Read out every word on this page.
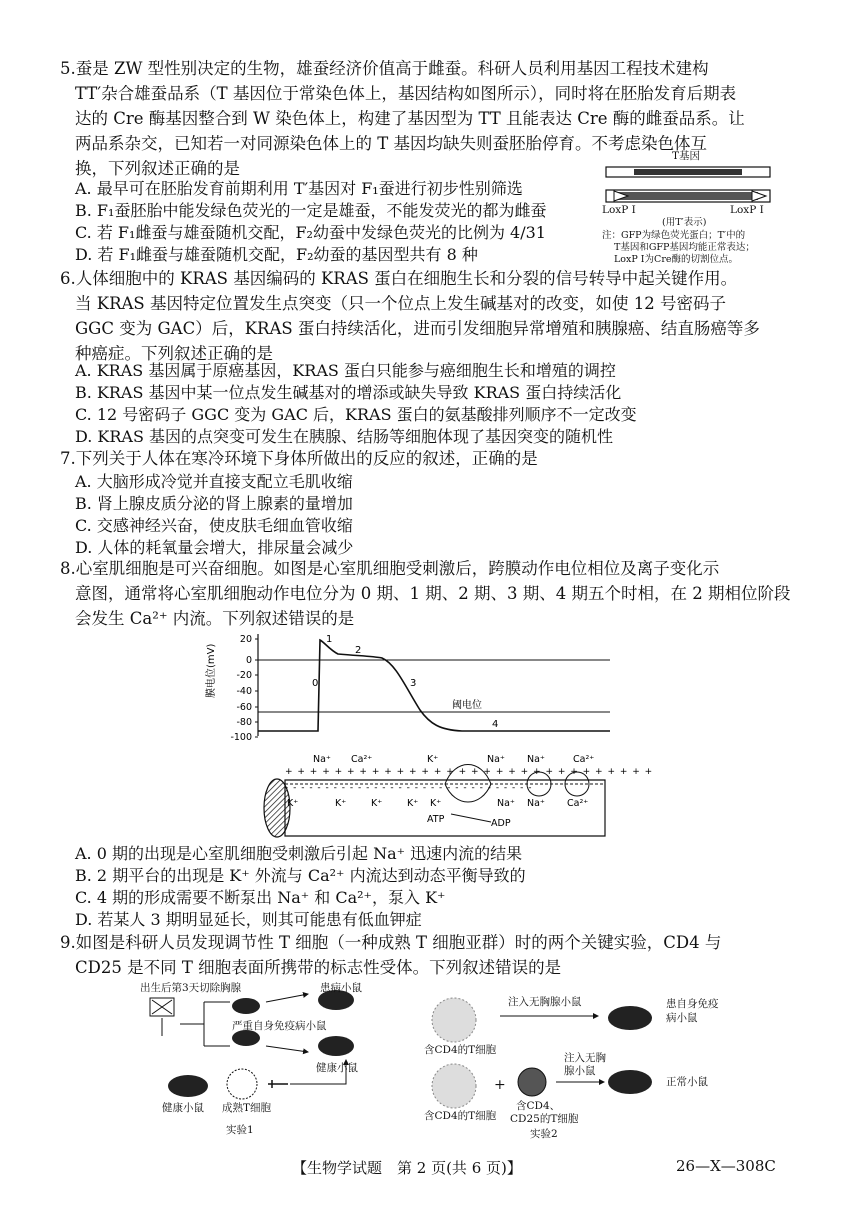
5.蚕是 ZW 型性别决定的生物，雄蚕经济价值高于雌蚕。科研人员利用基因工程技术建构
TT′杂合雄蚕品系（T 基因位于常染色体上，基因结构如图所示），同时将在胚胎发育后期表
达的 Cre 酶基因整合到 W 染色体上，构建了基因型为 TT 且能表达 Cre 酶的雌蚕品系。让
两品系杂交，已知若一对同源染色体上的 T 基因均缺失则蚕胚胎停育。不考虑染色体互
换，下列叙述正确的是
A. 最早可在胚胎发育前期利用 T′基因对 F₁蚕进行初步性别筛选
B. F₁蚕胚胎中能发绿色荧光的一定是雄蚕，不能发荧光的都为雌蚕
C. 若 F₁雌蚕与雄蚕随机交配，F₂幼蚕中发绿色荧光的比例为 4/31
D. 若 F₁雌蚕与雄蚕随机交配，F₂幼蚕的基因型共有 8 种
T基因
T-GFP融合基因
LoxP Ⅰ	LoxP Ⅰ
(用T′表示)
注：GFP为绿色荧光蛋白；T′中的
T基因和GFP基因均能正常表达；
LoxP Ⅰ为Cre酶的切割位点。
6.人体细胞中的 KRAS 基因编码的 KRAS 蛋白在细胞生长和分裂的信号转导中起关键作用。
当 KRAS 基因特定位置发生点突变（只一个位点上发生碱基对的改变，如使 12 号密码子
GGC 变为 GAC）后，KRAS 蛋白持续活化，进而引发细胞异常增殖和胰腺癌、结直肠癌等多
种癌症。下列叙述正确的是
A. KRAS 基因属于原癌基因，KRAS 蛋白只能参与癌细胞生长和增殖的调控
B. KRAS 基因中某一位点发生碱基对的增添或缺失导致 KRAS 蛋白持续活化
C. 12 号密码子 GGC 变为 GAC 后，KRAS 蛋白的氨基酸排列顺序不一定改变
D. KRAS 基因的点突变可发生在胰腺、结肠等细胞体现了基因突变的随机性
7.下列关于人体在寒冷环境下身体所做出的反应的叙述，正确的是
A. 大脑形成冷觉并直接支配立毛肌收缩
B. 肾上腺皮质分泌的肾上腺素的量增加
C. 交感神经兴奋，使皮肤毛细血管收缩
D. 人体的耗氧量会增大，排尿量会减少
8.心室肌细胞是可兴奋细胞。如图是心室肌细胞受刺激后，跨膜动作电位相位及离子变化示
意图，通常将心室肌细胞动作电位分为 0 期、1 期、2 期、3 期、4 期五个时相，在 2 期相位阶段
会发生 Ca²⁺ 内流。下列叙述错误的是
膜电位(mV)
20
0
-20
-40
-60
-80
-100
0
1
2
3
4
阈电位
+ + + + + + + + + + + + + + + + + + + + + + + + + + + + + +
- - - - - - - - - - - - - - - - - - - - - - - - - - - - - - -
Na⁺ Ca²⁺
K⁺	K⁺	K⁺	K⁺
K⁺
K⁺
Na⁺
Na⁺
Na⁺
Na⁺
Ca²⁺
Ca²⁺
ATP	ADP
A. 0 期的出现是心室肌细胞受刺激后引起 Na⁺ 迅速内流的结果
B. 2 期平台的出现是 K⁺ 外流与 Ca²⁺ 内流达到动态平衡导致的
C. 4 期的形成需要不断泵出 Na⁺ 和 Ca²⁺，泵入 K⁺
D. 若某人 3 期明显延长，则其可能患有低血钾症
9.如图是科研人员发现调节性 T 细胞（一种成熟 T 细胞亚群）时的两个关键实验，CD4 与
CD25 是不同 T 细胞表面所携带的标志性受体。下列叙述错误的是
出生后第3天切除胸腺	患病小鼠
严重自身免疫病小鼠
健康小鼠
健康小鼠 成熟T细胞
实验1
注入无胸腺小鼠
含CD4的T细胞
患自身免疫
病小鼠
含CD4的T细胞
+
含CD4、
CD25的T细胞
注入无胸
腺小鼠
正常小鼠
实验2
【生物学试题　第 2 页(共 6 页)】	26—X—308C
